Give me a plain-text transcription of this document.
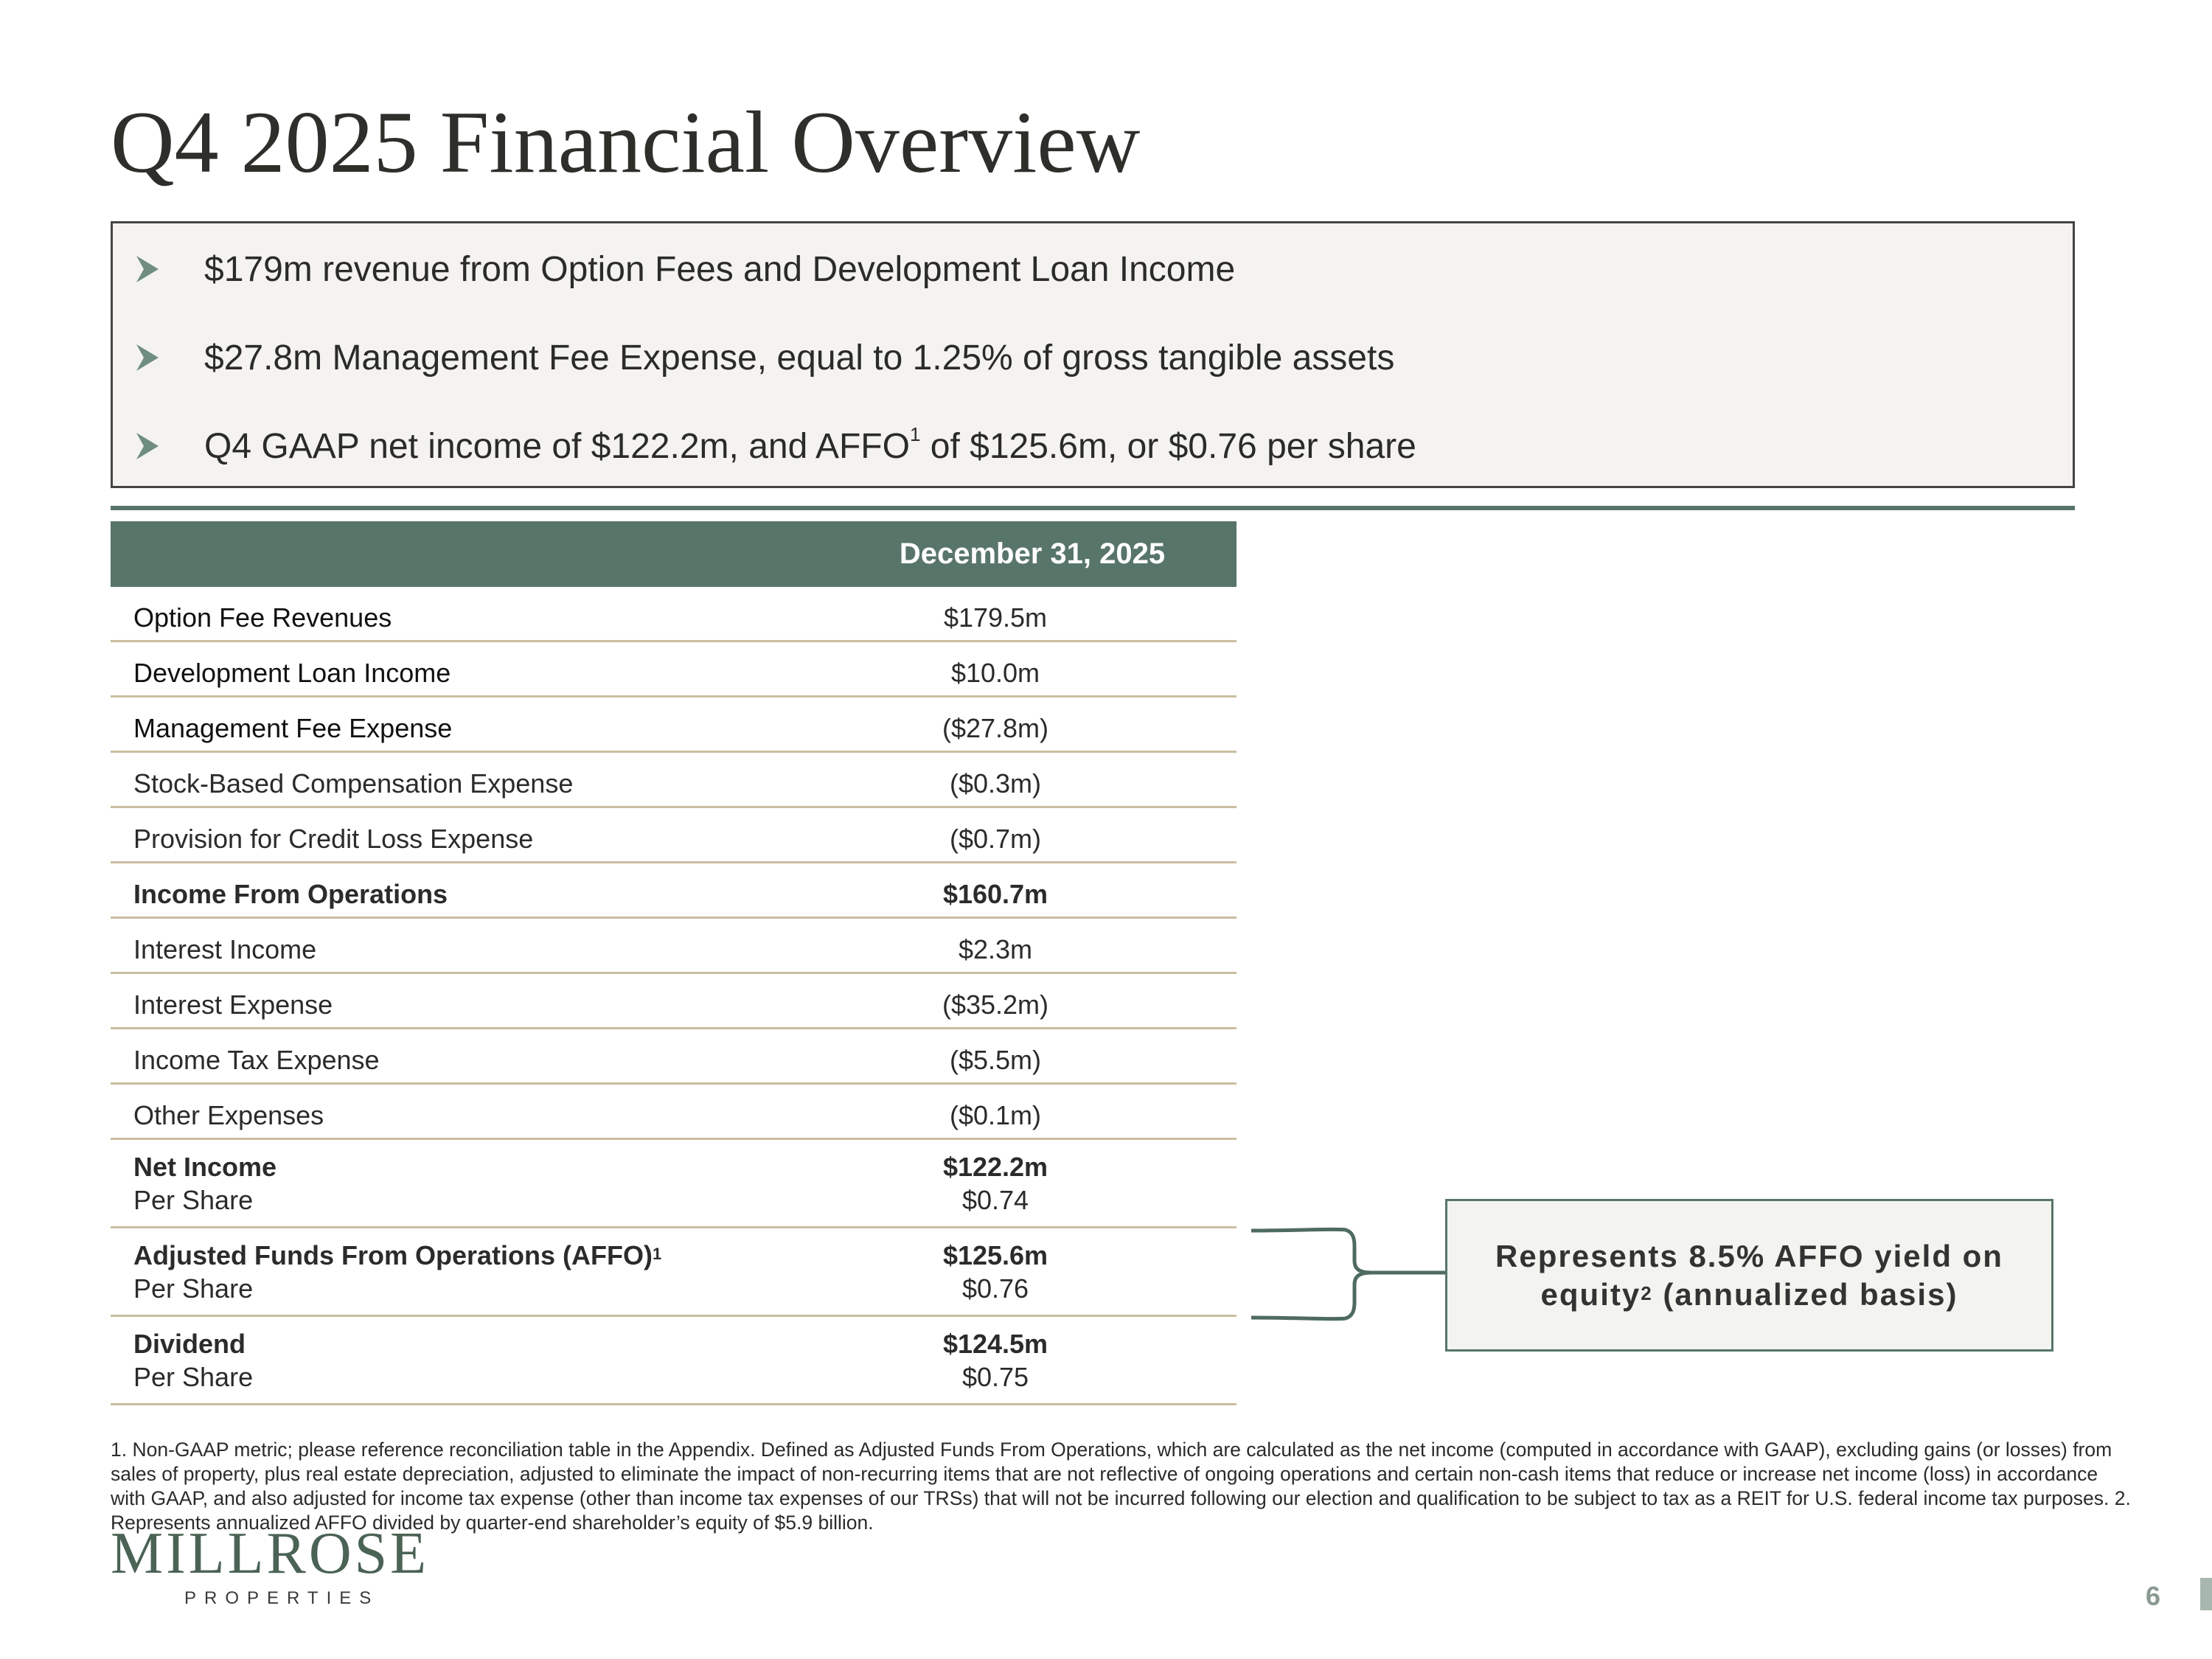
Q4 2025 Financial Overview
$179m revenue from Option Fees and Development Loan Income
$27.8m Management Fee Expense, equal to 1.25% of gross tangible assets
Q4 GAAP net income of $122.2m, and AFFO$^1$ of $125.6m, or $0.76 per share
December 31, 2025
Option Fee Revenues	$179.5m
Development Loan Income	$10.0m
Management Fee Expense	($27.8m)
Stock-Based Compensation Expense	($0.3m)
Provision for Credit Loss Expense	($0.7m)
Income From Operations	$160.7m
Interest Income	$2.3m
Interest Expense	($35.2m)
Income Tax Expense	($5.5m)
Other Expenses	($0.1m)
Net Income	$122.2m
Per Share	$0.74
Adjusted Funds From Operations (AFFO)$^1$	$125.6m
Per Share	$0.76
Dividend	$124.5m
Per Share	$0.75
Represents 8.5% AFFO yield on
equity$^2$ (annualized basis)

1. Non-GAAP metric; please reference reconciliation table in the Appendix. Defined as Adjusted Funds From Operations, which are calculated as the net income (computed in accordance with GAAP), excluding gains (or losses) from sales of property, plus real estate depreciation, adjusted to eliminate the impact of non-recurring items that are not reflective of ongoing operations and certain non-cash items that reduce or increase net income (loss) in accordance with GAAP, and also adjusted for income tax expense (other than income tax expenses of our TRSs) that will not be incurred following our election and qualification to be subject to tax as a REIT for U.S. federal income tax purposes. 2. Represents annualized AFFO divided by quarter-end shareholder’s equity of $5.9 billion.

MILLROSE
PROPERTIES	6
